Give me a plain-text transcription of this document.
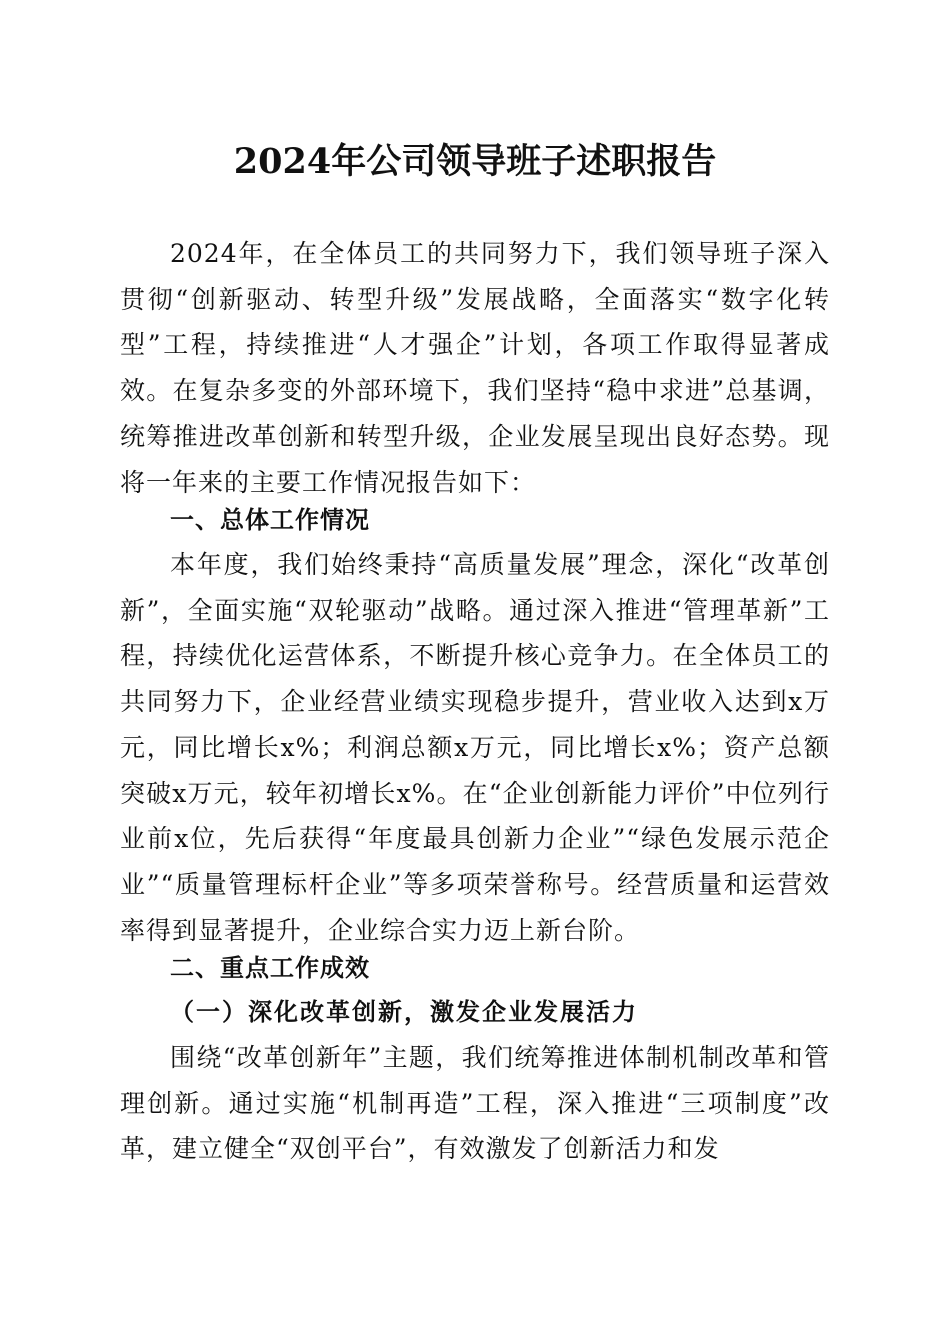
2024年公司领导班子述职报告

2024年，在全体员工的共同努力下，我们领导班子深入贯彻“创新驱动、转型升级”发展战略，全面落实“数字化转型”工程，持续推进“人才强企”计划，各项工作取得显著成效。在复杂多变的外部环境下，我们坚持“稳中求进”总基调，统筹推进改革创新和转型升级，企业发展呈现出良好态势。现将一年来的主要工作情况报告如下：

一、总体工作情况

本年度，我们始终秉持“高质量发展”理念，深化“改革创新”，全面实施“双轮驱动”战略。通过深入推进“管理革新”工程，持续优化运营体系，不断提升核心竞争力。在全体员工的共同努力下，企业经营业绩实现稳步提升，营业收入达到x万元，同比增长x%；利润总额x万元，同比增长x%；资产总额突破x万元，较年初增长x%。在“企业创新能力评价”中位列行业前x位，先后获得“年度最具创新力企业”“绿色发展示范企业”“质量管理标杆企业”等多项荣誉称号。经营质量和运营效率得到显著提升，企业综合实力迈上新台阶。

二、重点工作成效
（一）深化改革创新，激发企业发展活力

围绕“改革创新年”主题，我们统筹推进体制机制改革和管理创新。通过实施“机制再造”工程，深入推进“三项制度”改革，建立健全“双创平台”，有效激发了创新活力和发
